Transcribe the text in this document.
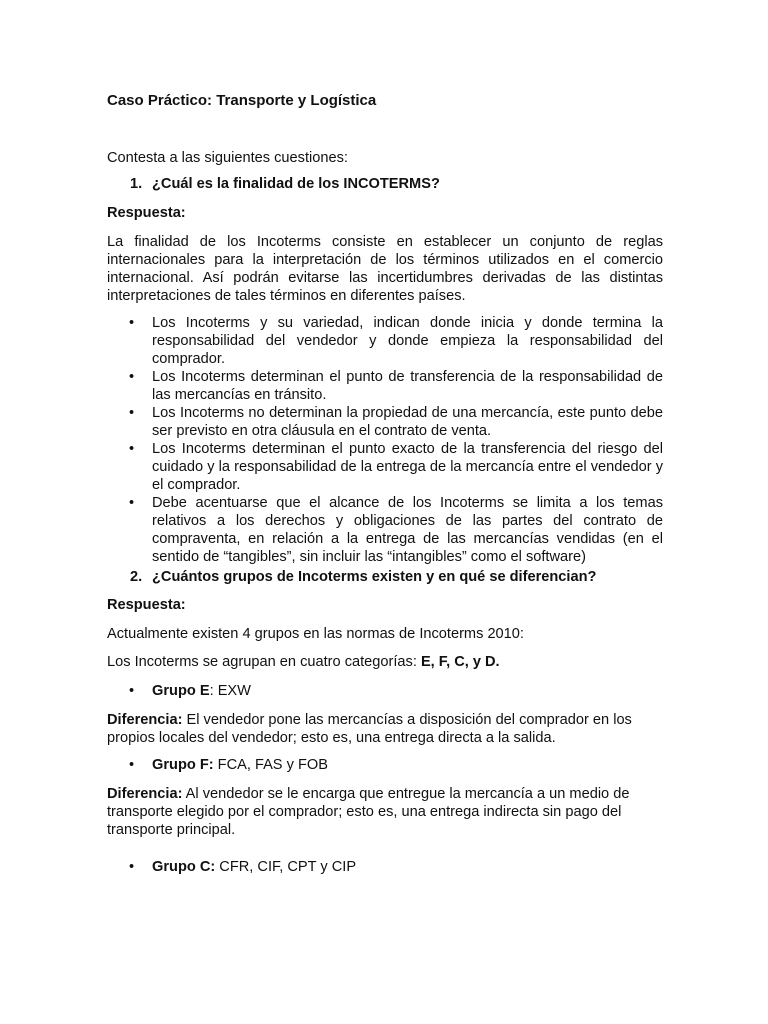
Caso Práctico: Transporte y Logística
Contesta a las siguientes cuestiones:
1. ¿Cuál es la finalidad de los INCOTERMS?
Respuesta:
La finalidad de los Incoterms consiste en establecer un conjunto de reglas internacionales para la interpretación de los términos utilizados en el comercio internacional. Así podrán evitarse las incertidumbres derivadas de las distintas interpretaciones de tales términos en diferentes países.
• Los Incoterms y su variedad, indican donde inicia y donde termina la responsabilidad del vendedor y donde empieza la responsabilidad del comprador.
• Los Incoterms determinan el punto de transferencia de la responsabilidad de las mercancías en tránsito.
• Los Incoterms no determinan la propiedad de una mercancía, este punto debe ser previsto en otra cláusula en el contrato de venta.
• Los Incoterms determinan el punto exacto de la transferencia del riesgo del cuidado y la responsabilidad de la entrega de la mercancía entre el vendedor y el comprador.
• Debe acentuarse que el alcance de los Incoterms se limita a los temas relativos a los derechos y obligaciones de las partes del contrato de compraventa, en relación a la entrega de las mercancías vendidas (en el sentido de “tangibles”, sin incluir las “intangibles” como el software)
2. ¿Cuántos grupos de Incoterms existen y en qué se diferencian?
Respuesta:
Actualmente existen 4 grupos en las normas de Incoterms 2010:
Los Incoterms se agrupan en cuatro categorías: E, F, C, y D.
• Grupo E: EXW
Diferencia: El vendedor pone las mercancías a disposición del comprador en los propios locales del vendedor; esto es, una entrega directa a la salida.
• Grupo F: FCA, FAS y FOB
Diferencia: Al vendedor se le encarga que entregue la mercancía a un medio de transporte elegido por el comprador; esto es, una entrega indirecta sin pago del transporte principal.
• Grupo C: CFR, CIF, CPT y CIP
